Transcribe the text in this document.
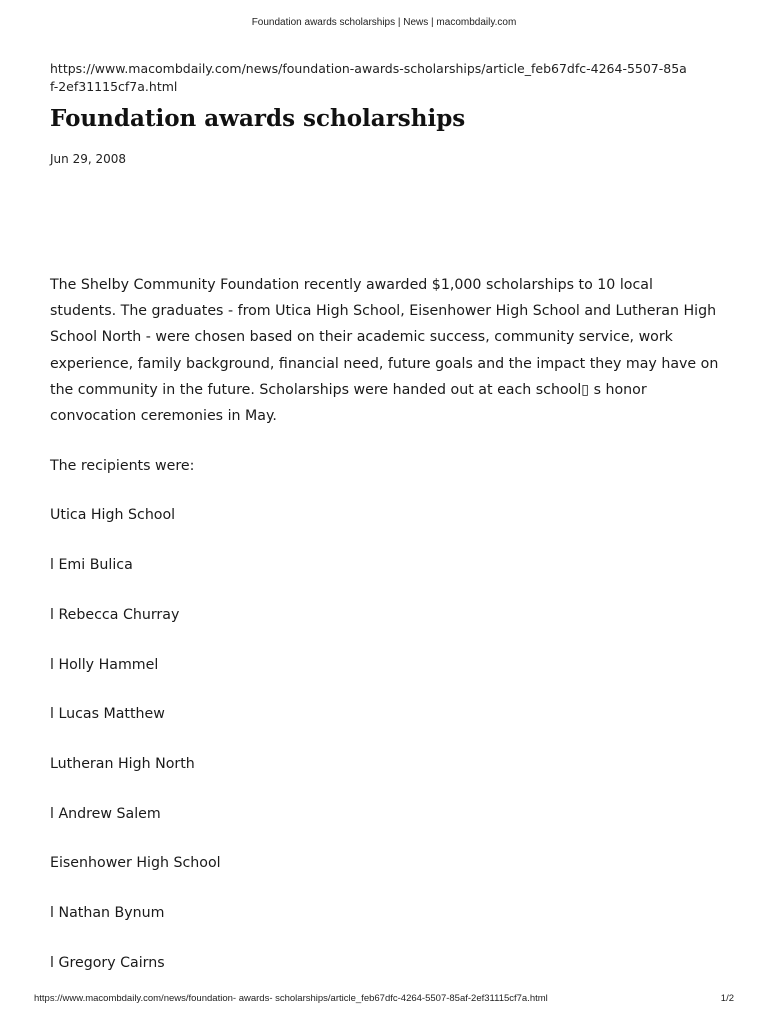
Foundation awards scholarships | News | macombdaily.com
https://www.macombdaily.com/news/foundation-awards-scholarships/article_feb67dfc-4264-5507-85af-2ef31115cf7a.html
Foundation awards scholarships
Jun 29, 2008

The Shelby Community Foundation recently awarded $1,000 scholarships to 10 local students. The graduates - from Utica High School, Eisenhower High School and Lutheran High School North - were chosen based on their academic success, community service, work experience, family background, financial need, future goals and the impact they may have on the community in the future. Scholarships were handed out at each school▯ s honor convocation ceremonies in May.

The recipients were:

Utica High School

l Emi Bulica

l Rebecca Churray

l Holly Hammel

l Lucas Matthew

Lutheran High North

l Andrew Salem

Eisenhower High School

l Nathan Bynum

l Gregory Cairns

https://www.macombdaily.com/news/foundation- awards- scholarships/article_feb67dfc-4264-5507-85af-2ef31115cf7a.html	1/2
